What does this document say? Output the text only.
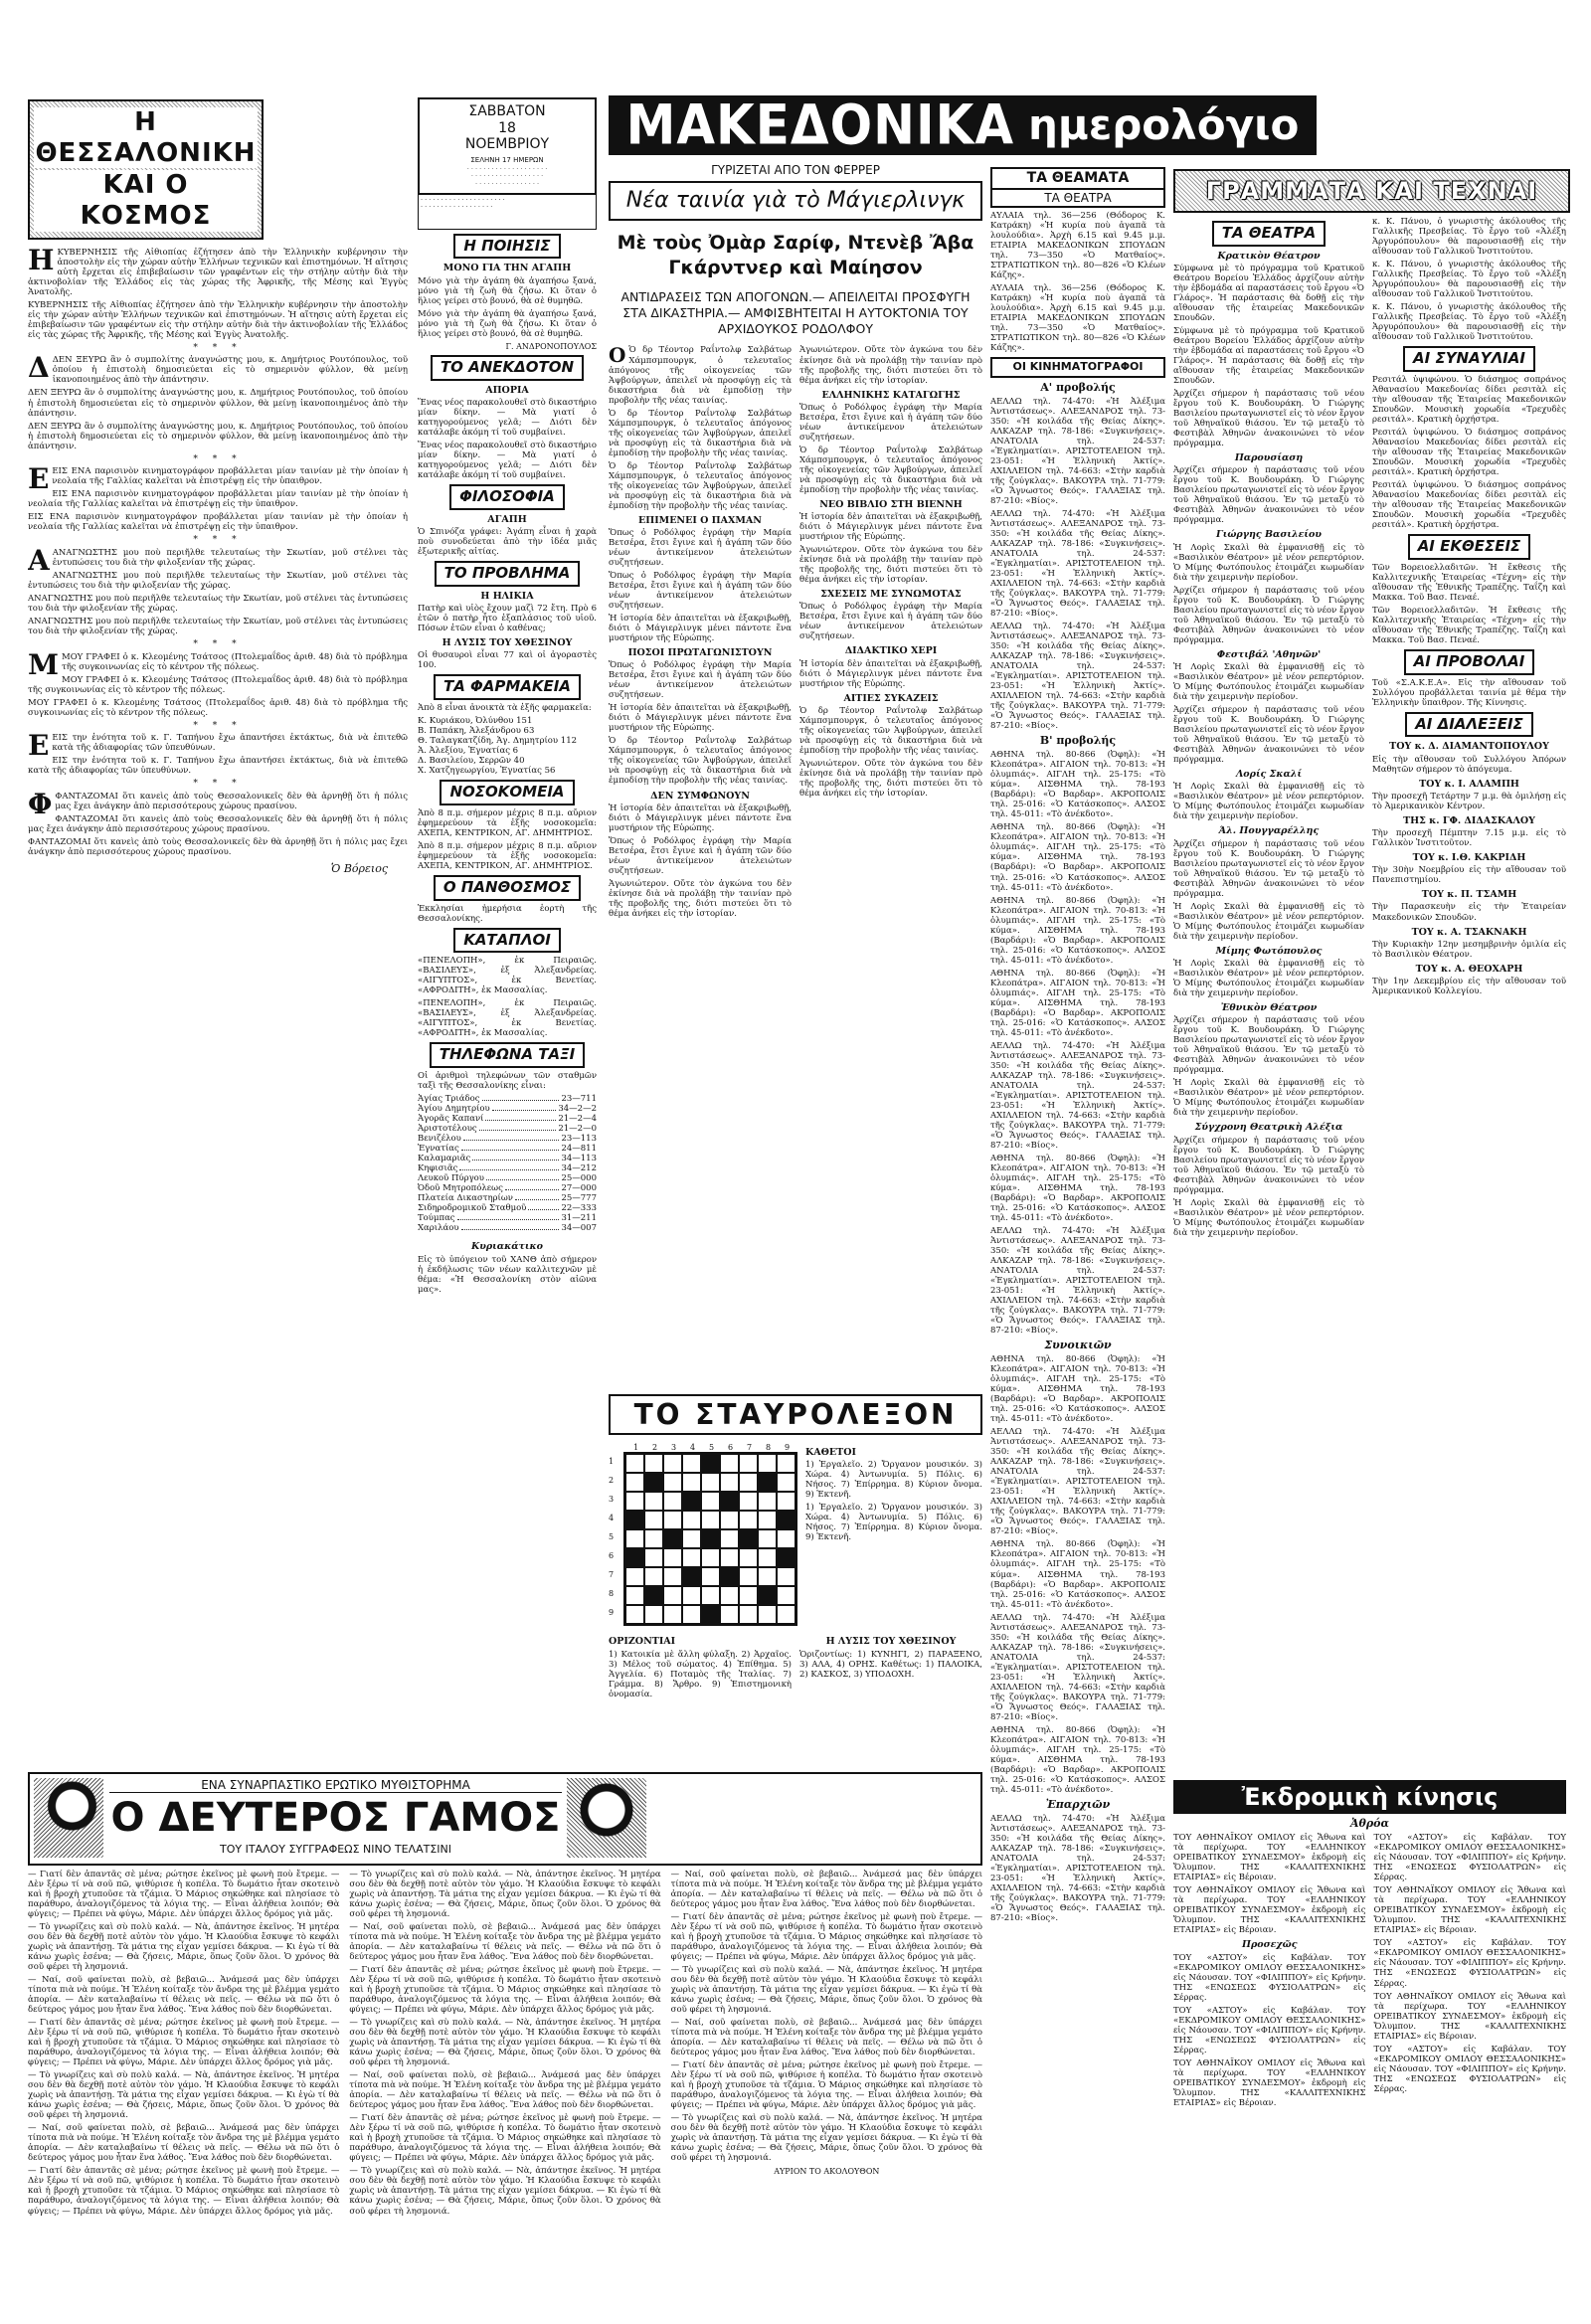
Η ΘΕΣΣΑΛΟΝΙΚΗ
ΚΑΙ Ο ΚΟΣΜΟΣ

ΗΚΥΒΕΡΝΗΣΙΣ τῆς Αἰθιοπίας ἐζήτησεν ἀπὸ τὴν Ἑλληνικὴν κυβέρνησιν τὴν ἀποστολὴν εἰς τὴν χώραν αὐτὴν Ἑλλήνων τεχνικῶν καὶ ἐπιστημόνων. Ἡ αἴτησις αὐτὴ ἔρχεται εἰς ἐπιβεβαίωσιν τῶν γραφέντων εἰς τὴν στήλην αὐτὴν διὰ τὴν ἀκτινοβολίαν τῆς Ἑλλάδος εἰς τὰς χώρας τῆς Ἀφρικῆς, τῆς Μέσης καὶ Ἐγγὺς Ἀνατολῆς.

ΚΥΒΕΡΝΗΣΙΣ τῆς Αἰθιοπίας ἐζήτησεν ἀπὸ τὴν Ἑλληνικὴν κυβέρνησιν τὴν ἀποστολὴν εἰς τὴν χώραν αὐτὴν Ἑλλήνων τεχνικῶν καὶ ἐπιστημόνων. Ἡ αἴτησις αὐτὴ ἔρχεται εἰς ἐπιβεβαίωσιν τῶν γραφέντων εἰς τὴν στήλην αὐτὴν διὰ τὴν ἀκτινοβολίαν τῆς Ἑλλάδος εἰς τὰς χώρας τῆς Ἀφρικῆς, τῆς Μέσης καὶ Ἐγγὺς Ἀνατολῆς.

* * *

ΔΔΕΝ ΞΕΥΡΩ ἂν ὁ συμπολίτης ἀναγνώστης μου, κ. Δημήτριος Ρουτόπουλος, τοῦ ὁποίου ἡ ἐπιστολὴ δημοσιεύεται εἰς τὸ σημερινὸν φύλλον, θὰ μείνῃ ἱκανοποιημένος ἀπὸ τὴν ἀπάντησιν.

ΔΕΝ ΞΕΥΡΩ ἂν ὁ συμπολίτης ἀναγνώστης μου, κ. Δημήτριος Ρουτόπουλος, τοῦ ὁποίου ἡ ἐπιστολὴ δημοσιεύεται εἰς τὸ σημερινὸν φύλλον, θὰ μείνῃ ἱκανοποιημένος ἀπὸ τὴν ἀπάντησιν.

ΔΕΝ ΞΕΥΡΩ ἂν ὁ συμπολίτης ἀναγνώστης μου, κ. Δημήτριος Ρουτόπουλος, τοῦ ὁποίου ἡ ἐπιστολὴ δημοσιεύεται εἰς τὸ σημερινὸν φύλλον, θὰ μείνῃ ἱκανοποιημένος ἀπὸ τὴν ἀπάντησιν.

* * *

ΕΕΙΣ ΕΝΑ παρισινὸν κινηματογράφον προβάλλεται μίαν ταινίαν μὲ τὴν ὁποίαν ἡ νεολαία τῆς Γαλλίας καλεῖται νὰ ἐπιστρέψῃ εἰς τὴν ὑπαιθρον.

ΕΙΣ ΕΝΑ παρισινὸν κινηματογράφον προβάλλεται μίαν ταινίαν μὲ τὴν ὁποίαν ἡ νεολαία τῆς Γαλλίας καλεῖται νὰ ἐπιστρέψῃ εἰς τὴν ὑπαιθρον.

ΕΙΣ ΕΝΑ παρισινὸν κινηματογράφον προβάλλεται μίαν ταινίαν μὲ τὴν ὁποίαν ἡ νεολαία τῆς Γαλλίας καλεῖται νὰ ἐπιστρέψῃ εἰς τὴν ὑπαιθρον.

* * *

ΑΑΝΑΓΝΩΣΤΗΣ μου ποὺ περιῆλθε τελευταίως τὴν Σκωτίαν, μοῦ στέλνει τὰς ἐντυπώσεις του διὰ τὴν φιλοξενίαν τῆς χώρας.

ΑΝΑΓΝΩΣΤΗΣ μου ποὺ περιῆλθε τελευταίως τὴν Σκωτίαν, μοῦ στέλνει τὰς ἐντυπώσεις του διὰ τὴν φιλοξενίαν τῆς χώρας.

ΑΝΑΓΝΩΣΤΗΣ μου ποὺ περιῆλθε τελευταίως τὴν Σκωτίαν, μοῦ στέλνει τὰς ἐντυπώσεις του διὰ τὴν φιλοξενίαν τῆς χώρας.

ΑΝΑΓΝΩΣΤΗΣ μου ποὺ περιῆλθε τελευταίως τὴν Σκωτίαν, μοῦ στέλνει τὰς ἐντυπώσεις του διὰ τὴν φιλοξενίαν τῆς χώρας.

* * *

ΜΜΟΥ ΓΡΑΦΕΙ ὁ κ. Κλεομένης Τσάτσος (Πτολεμαΐδος ἀριθ. 48) διὰ τὸ πρόβλημα τῆς συγκοινωνίας εἰς τὸ κέντρον τῆς πόλεως.

ΜΟΥ ΓΡΑΦΕΙ ὁ κ. Κλεομένης Τσάτσος (Πτολεμαΐδος ἀριθ. 48) διὰ τὸ πρόβλημα τῆς συγκοινωνίας εἰς τὸ κέντρον τῆς πόλεως.

ΜΟΥ ΓΡΑΦΕΙ ὁ κ. Κλεομένης Τσάτσος (Πτολεμαΐδος ἀριθ. 48) διὰ τὸ πρόβλημα τῆς συγκοινωνίας εἰς τὸ κέντρον τῆς πόλεως.

* * *

ΕΕΙΣ την ἐνότητα τοῦ κ. Γ. Ταπήνου ἔχω ἀπαντήσει ἐκτάκτως, διὰ νὰ ἐπιτεθῶ κατὰ τῆς ἀδιαφορίας τῶν ὑπευθύνων.

ΕΙΣ την ἐνότητα τοῦ κ. Γ. Ταπήνου ἔχω ἀπαντήσει ἐκτάκτως, διὰ νὰ ἐπιτεθῶ κατὰ τῆς ἀδιαφορίας τῶν ὑπευθύνων.

* * *

ΦΦΑΝΤΑΖΟΜΑΙ ὅτι κανεὶς ἀπὸ τοὺς Θεσσαλονικεῖς δὲν θὰ ἀρνηθῇ ὅτι ἡ πόλις μας ἔχει ἀνάγκην ἀπὸ περισσότερους χώρους πρασίνου.

ΦΑΝΤΑΖΟΜΑΙ ὅτι κανεὶς ἀπὸ τοὺς Θεσσαλονικεῖς δὲν θὰ ἀρνηθῇ ὅτι ἡ πόλις μας ἔχει ἀνάγκην ἀπὸ περισσότερους χώρους πρασίνου.

ΦΑΝΤΑΖΟΜΑΙ ὅτι κανεὶς ἀπὸ τοὺς Θεσσαλονικεῖς δὲν θὰ ἀρνηθῇ ὅτι ἡ πόλις μας ἔχει ἀνάγκην ἀπὸ περισσότερους χώρους πρασίνου.

Ὁ Βόρειος
ΣΑΒΒΑΤΟΝ
18
ΝΟΕΜΒΡΙΟΥ
ΣΕΛΗΝΗ 17 ΗΜΕΡΩΝ
· · · · · · · · · · · · · · · · · · · ·
· · · · · · · · · · · · · · · · · ·
· · · · · · · · · · · · · · · ·
· · · · · · · · · · · · · · · · · · · · ·
· · · · · · · · · · · · · · · · · ·
Η ΠΟΙΗΣΙΣ
ΜΟΝΟ ΓΙΑ ΤΗΝ ΑΓΑΠΗ

Μόνο γιὰ τὴν ἀγάπη θὰ ἀγαπήσω ξανά, μόνο γιὰ τὴ ζωὴ θὰ ζήσω. Κι ὅταν ὁ ἥλιος γείρει στὸ βουνό, θὰ σὲ θυμηθῶ.

Μόνο γιὰ τὴν ἀγάπη θὰ ἀγαπήσω ξανά, μόνο γιὰ τὴ ζωὴ θὰ ζήσω. Κι ὅταν ὁ ἥλιος γείρει στὸ βουνό, θὰ σὲ θυμηθῶ.

Γ. ΑΝΔΡΟΝΟΠΟΥΛΟΣ
ΤΟ ΑΝΕΚΔΟΤΟΝ
ΑΠΟΡΙΑ

Ἕνας νέος παρακολουθεῖ στὸ δικαστήριο μίαν δίκην. — Μὰ γιατί ὁ κατηγορούμενος γελᾶ; — Διότι δὲν κατάλαβε ἀκόμη τί τοῦ συμβαίνει.

Ἕνας νέος παρακολουθεῖ στὸ δικαστήριο μίαν δίκην. — Μὰ γιατί ὁ κατηγορούμενος γελᾶ; — Διότι δὲν κατάλαβε ἀκόμη τί τοῦ συμβαίνει.

ΦΙΛΟΣΟΦΙΑ
ΑΓΑΠΗ

Ὁ Σπινόζα γράφει: Ἀγάπη εἶναι ἡ χαρὰ ποὺ συνοδεύεται ἀπὸ τὴν ἰδέα μιᾶς ἐξωτερικῆς αἰτίας.

ΤΟ ΠΡΟΒΛΗΜΑ
Η ΗΛΙΚΙΑ

Πατὴρ καὶ υἱὸς ἔχουν μαζὶ 72 ἔτη. Πρὸ 6 ἐτῶν ὁ πατὴρ ἦτο ἑξαπλάσιος τοῦ υἱοῦ. Πόσων ἐτῶν εἶναι ὁ καθένας;

Η ΛΥΣΙΣ ΤΟΥ ΧΘΕΣΙΝΟΥ

Οἱ θυσαυροὶ εἶναι 77 καὶ οἱ ἀγοραστὲς 100.

ΤΑ ΦΑΡΜΑΚΕΙΑ

Ἀπὸ 8 εἶναι ἀνοικτὰ τὰ ἑξῆς φαρμακεῖα:

Κ. Κυριάκου, Ὀλύνθου 151
Β. Παπάκη, Ἀλεξάνδρου 63
Θ. Ταλαγκατζίδη, Ἀγ. Δημητρίου 112
Ἀ. Ἀλεξίου, Ἐγνατίας 6
Δ. Βασιλείου, Σερρῶν 40
Χ. Χατζηγεωργίου, Ἐγνατίας 56
ΝΟΣΟΚΟΜΕΙΑ

Ἀπὸ 8 π.μ. σήμερον μέχρις 8 π.μ. αὔριον ἐφημερεύουν τὰ ἑξῆς νοσοκομεῖα: ΑΧΕΠΑ, ΚΕΝΤΡΙΚΟΝ, ΑΓ. ΔΗΜΗΤΡΙΟΣ.

Ἀπὸ 8 π.μ. σήμερον μέχρις 8 π.μ. αὔριον ἐφημερεύουν τὰ ἑξῆς νοσοκομεῖα: ΑΧΕΠΑ, ΚΕΝΤΡΙΚΟΝ, ΑΓ. ΔΗΜΗΤΡΙΟΣ.

Ο ΠΑΝΘΟΣΜΟΣ

Ἐκκλησίαι ἡμερήσια ἑορτὴ τῆς Θεσσαλονίκης.

ΚΑΤΑΠΛΟΙ

«ΠΕΝΕΛΟΠΗ», ἐκ Πειραιῶς. «ΒΑΣΙΛΕΥΣ», ἐξ Ἀλεξανδρείας. «ΑΙΓΥΠΤΟΣ», ἐκ Βενετίας. «ΑΦΡΟΔΙΤΗ», ἐκ Μασσαλίας.

«ΠΕΝΕΛΟΠΗ», ἐκ Πειραιῶς. «ΒΑΣΙΛΕΥΣ», ἐξ Ἀλεξανδρείας. «ΑΙΓΥΠΤΟΣ», ἐκ Βενετίας. «ΑΦΡΟΔΙΤΗ», ἐκ Μασσαλίας.

ΤΗΛΕΦΩΝΑ ΤΑΞΙ

Οἱ ἀριθμοὶ τηλεφώνων τῶν σταθμῶν ταξὶ τῆς Θεσσαλονίκης εἶναι:

Ἁγίας Τριάδος	23—711
Ἁγίου Δημητρίου	34—2—2
Ἀγορᾶς Καπανί	21—2—4
Ἀριστοτέλους	21—2—0
Βενιζέλου	23—113
Ἐγνατίας	24—811
Καλαμαριᾶς	34—113
Κηφισιᾶς	34—212
Λευκοῦ Πύργου	25—000
Ὀδοῦ Μητροπόλεως	27—000
Πλατεία Δικαστηρίων	25—777
Σιδηροδρομικοῦ Σταθμοῦ	22—333
Τούμπας	31—211
Χαριλάου	34—007
Κυριακάτικο

Εἰς τὸ ὑπόγειον τοῦ ΧΑΝΘ ἀπὸ σήμερον ἡ ἐκδήλωσις τῶν νέων καλλιτεχνῶν μὲ θέμα: «Ἡ Θεσσαλονίκη στὸν αἰῶνα μας».

ΜΑΚΕΔΟΝΙΚΑ ημερολόγιο
ΓΥΡΙΖΕΤΑΙ ΑΠΟ ΤΟΝ ΦΕΡΡΕΡ
Νέα ταινία γιὰ τὸ Μάγιερλινγκ
Μὲ τοὺς Ὀμὰρ Σαρίφ, Ντενὲβ Ἄβα Γκάρντνερ καὶ Μαίησον
ΑΝΤΙΔΡΑΣΕΙΣ ΤΩΝ ΑΠΟΓΟΝΩΝ.— ΑΠΕΙΛΕΙΤΑΙ ΠΡΟΣΦΥΓΗ ΣΤΑ ΔΙΚΑΣΤΗΡΙΑ.— ΑΜΦΙΣΒΗΤΕΙΤΑΙ Η ΑΥΤΟΚΤΟΝΙΑ ΤΟΥ ΑΡΧΙΔΟΥΚΟΣ ΡΟΔΟΛΦΟΥ

Ο Ὁ δρ Τέοντορ Ραΐντολφ Σαλβάτωρ Χάμπσμπουργκ, ὁ τελευταῖος ἀπόγονος τῆς οἰκογενείας τῶν Ἀψβούργων, ἀπειλεῖ νὰ προσφύγῃ εἰς τὰ δικαστήρια διὰ νὰ ἐμποδίσῃ τὴν προβολὴν τῆς νέας ταινίας.

Ὁ δρ Τέοντορ Ραΐντολφ Σαλβάτωρ Χάμπσμπουργκ, ὁ τελευταῖος ἀπόγονος τῆς οἰκογενείας τῶν Ἀψβούργων, ἀπειλεῖ νὰ προσφύγῃ εἰς τὰ δικαστήρια διὰ νὰ ἐμποδίσῃ τὴν προβολὴν τῆς νέας ταινίας.

Ὁ δρ Τέοντορ Ραΐντολφ Σαλβάτωρ Χάμπσμπουργκ, ὁ τελευταῖος ἀπόγονος τῆς οἰκογενείας τῶν Ἀψβούργων, ἀπειλεῖ νὰ προσφύγῃ εἰς τὰ δικαστήρια διὰ νὰ ἐμποδίσῃ τὴν προβολὴν τῆς νέας ταινίας.

ΕΠΙΜΕΝΕΙ Ο ΠΑΧΜΑΝ

Ὅπως ὁ Ροδόλφος ἐγράφη τὴν Μαρία Βετσέρα, ἔτσι ἔγινε καὶ ἡ ἀγάπη τῶν δύο νέων ἀντικείμενον ἀτελειώτων συζητήσεων.

Ὅπως ὁ Ροδόλφος ἐγράφη τὴν Μαρία Βετσέρα, ἔτσι ἔγινε καὶ ἡ ἀγάπη τῶν δύο νέων ἀντικείμενον ἀτελειώτων συζητήσεων.

Ἡ ἱστορία δὲν ἀπαιτεῖται νὰ ἐξακριβωθῇ, διότι ὁ Μάγιερλινγκ μένει πάντοτε ἕνα μυστήριον τῆς Εὐρώπης.

ΠΟΣΟΙ ΠΡΩΤΑΓΩΝΙΣΤΟΥΝ

Ὅπως ὁ Ροδόλφος ἐγράφη τὴν Μαρία Βετσέρα, ἔτσι ἔγινε καὶ ἡ ἀγάπη τῶν δύο νέων ἀντικείμενον ἀτελειώτων συζητήσεων.

Ἡ ἱστορία δὲν ἀπαιτεῖται νὰ ἐξακριβωθῇ, διότι ὁ Μάγιερλινγκ μένει πάντοτε ἕνα μυστήριον τῆς Εὐρώπης.

Ὁ δρ Τέοντορ Ραΐντολφ Σαλβάτωρ Χάμπσμπουργκ, ὁ τελευταῖος ἀπόγονος τῆς οἰκογενείας τῶν Ἀψβούργων, ἀπειλεῖ νὰ προσφύγῃ εἰς τὰ δικαστήρια διὰ νὰ ἐμποδίσῃ τὴν προβολὴν τῆς νέας ταινίας.

ΔΕΝ ΣΥΜΦΩΝΟΥΝ

Ἡ ἱστορία δὲν ἀπαιτεῖται νὰ ἐξακριβωθῇ, διότι ὁ Μάγιερλινγκ μένει πάντοτε ἕνα μυστήριον τῆς Εὐρώπης.

Ὅπως ὁ Ροδόλφος ἐγράφη τὴν Μαρία Βετσέρα, ἔτσι ἔγινε καὶ ἡ ἀγάπη τῶν δύο νέων ἀντικείμενον ἀτελειώτων συζητήσεων.

Ἀγωνιώτερον. Οὔτε τὸν ἀγκώνα του δὲν ἐκίνησε διὰ νὰ προλάβῃ τὴν ταινίαν πρὸ τῆς προβολῆς της, διότι πιστεύει ὅτι τὸ θέμα ἀνήκει εἰς τὴν ἱστορίαν.

Ἀγωνιώτερον. Οὔτε τὸν ἀγκώνα του δὲν ἐκίνησε διὰ νὰ προλάβῃ τὴν ταινίαν πρὸ τῆς προβολῆς της, διότι πιστεύει ὅτι τὸ θέμα ἀνήκει εἰς τὴν ἱστορίαν.

ΕΛΛΗΝΙΚΗΣ ΚΑΤΑΓΩΓΗΣ

Ὅπως ὁ Ροδόλφος ἐγράφη τὴν Μαρία Βετσέρα, ἔτσι ἔγινε καὶ ἡ ἀγάπη τῶν δύο νέων ἀντικείμενον ἀτελειώτων συζητήσεων.

Ὁ δρ Τέοντορ Ραΐντολφ Σαλβάτωρ Χάμπσμπουργκ, ὁ τελευταῖος ἀπόγονος τῆς οἰκογενείας τῶν Ἀψβούργων, ἀπειλεῖ νὰ προσφύγῃ εἰς τὰ δικαστήρια διὰ νὰ ἐμποδίσῃ τὴν προβολὴν τῆς νέας ταινίας.

ΝΕΟ ΒΙΒΛΙΟ ΣΤΗ ΒΙΕΝΝΗ

Ἡ ἱστορία δὲν ἀπαιτεῖται νὰ ἐξακριβωθῇ, διότι ὁ Μάγιερλινγκ μένει πάντοτε ἕνα μυστήριον τῆς Εὐρώπης.

Ἀγωνιώτερον. Οὔτε τὸν ἀγκώνα του δὲν ἐκίνησε διὰ νὰ προλάβῃ τὴν ταινίαν πρὸ τῆς προβολῆς της, διότι πιστεύει ὅτι τὸ θέμα ἀνήκει εἰς τὴν ἱστορίαν.

ΣΧΕΣΕΙΣ ΜΕ ΣΥΝΩΜΟΤΑΣ

Ὅπως ὁ Ροδόλφος ἐγράφη τὴν Μαρία Βετσέρα, ἔτσι ἔγινε καὶ ἡ ἀγάπη τῶν δύο νέων ἀντικείμενον ἀτελειώτων συζητήσεων.

ΔΙΔΑΚΤΙΚΟ ΧΕΡΙ

Ἡ ἱστορία δὲν ἀπαιτεῖται νὰ ἐξακριβωθῇ, διότι ὁ Μάγιερλινγκ μένει πάντοτε ἕνα μυστήριον τῆς Εὐρώπης.

ΑΙΤΙΕΣ ΣΥΚΑΖΕΙΣ

Ὁ δρ Τέοντορ Ραΐντολφ Σαλβάτωρ Χάμπσμπουργκ, ὁ τελευταῖος ἀπόγονος τῆς οἰκογενείας τῶν Ἀψβούργων, ἀπειλεῖ νὰ προσφύγῃ εἰς τὰ δικαστήρια διὰ νὰ ἐμποδίσῃ τὴν προβολὴν τῆς νέας ταινίας.

Ἀγωνιώτερον. Οὔτε τὸν ἀγκώνα του δὲν ἐκίνησε διὰ νὰ προλάβῃ τὴν ταινίαν πρὸ τῆς προβολῆς της, διότι πιστεύει ὅτι τὸ θέμα ἀνήκει εἰς τὴν ἱστορίαν.

ΤΟ ΣΤΑΥΡΟΛΕΞΟΝ
1	2	3	4	5	6	7	8	9
1
2
3
4
5
6
7
8
9
ΚΑΘΕΤΟΙ

1) Ἐργαλεῖο. 2) Ὄργανον μουσικόν. 3) Χώρα. 4) Ἀντωνυμία. 5) Πόλις. 6) Νήσος. 7) Ἐπίρρημα. 8) Κύριον ὄνομα. 9) Ἐκτενῆ.

1) Ἐργαλεῖο. 2) Ὄργανον μουσικόν. 3) Χώρα. 4) Ἀντωνυμία. 5) Πόλις. 6) Νήσος. 7) Ἐπίρρημα. 8) Κύριον ὄνομα. 9) Ἐκτενῆ.

ΟΡΙΖΟΝΤΙΑΙ

1) Κατοικία μὲ ἄλλη φύλαξη. 2) Ἀρχαῖος. 3) Μέλος τοῦ σώματος. 4) Ἐπίθημα. 5) Ἀγγελία. 6) Ποταμὸς τῆς Ἰταλίας. 7) Γράμμα. 8) Ἄρθρο. 9) Ἐπιστημονικὴ ὀνομασία.

Η ΛΥΣΙΣ ΤΟΥ ΧΘΕΣΙΝΟΥ

Ὁριζοντίως: 1) ΚΥΝΗΓΙ, 2) ΠΑΡΑΞΕΝΟ, 3) ΑΛΑ, 4) ΟΡΗΣ. Καθέτως: 1) ΠΑΛΟΙΚΑ, 2) ΚΑΣΚΟΣ, 3) ΥΠΟΔΟΧΗ.

ΤΑ ΘΕΑΜΑΤΑ
ΤΑ ΘΕΑΤΡΑ

ΑΥΛΑΙΑ τηλ. 36—256 (Θόδορος Κ. Κατράκη) «Ἡ κυρία ποὺ ἀγαπᾶ τὰ λουλούδια». Ἀρχὴ 6.15 καὶ 9.45 μ.μ. ΕΤΑΙΡΙΑ ΜΑΚΕΔΟΝΙΚΩΝ ΣΠΟΥΔΩΝ τηλ. 73—350 «Ὁ Ματθαίος». ΣΤΡΑΤΙΩΤΙΚΟΝ τηλ. 80—826 «Ὁ Κλέων Κάζης».

ΑΥΛΑΙΑ τηλ. 36—256 (Θόδορος Κ. Κατράκη) «Ἡ κυρία ποὺ ἀγαπᾶ τὰ λουλούδια». Ἀρχὴ 6.15 καὶ 9.45 μ.μ. ΕΤΑΙΡΙΑ ΜΑΚΕΔΟΝΙΚΩΝ ΣΠΟΥΔΩΝ τηλ. 73—350 «Ὁ Ματθαίος». ΣΤΡΑΤΙΩΤΙΚΟΝ τηλ. 80—826 «Ὁ Κλέων Κάζης».

ΟΙ ΚΙΝΗΜΑΤΟΓΡΑΦΟΙ
Α' προβολής

ΑΕΛΛΩ τηλ. 74-470: «Ἡ Ἀλέξιμα Ἀντιστάσεως». ΑΛΕΞΑΝΔΡΟΣ τηλ. 73-350: «Ἡ κοιλάδα τῆς Θείας Δίκης». ΑΛΚΑΖΑΡ τηλ. 78-186: «Συγκινήσεις». ΑΝΑΤΟΛΙΑ τηλ. 24-537: «Ἐγκληματίαι». ΑΡΙΣΤΟΤΕΛΕΙΟΝ τηλ. 23-051: «Ἡ Ἑλληνικὴ Ἀκτίς». ΑΧΙΛΛΕΙΟΝ τηλ. 74-663: «Στὴν καρδιὰ τῆς ζούγκλας». ΒΑΚΟΥΡΑ τηλ. 71-779: «Ὁ Ἄγνωστος Θεός». ΓΑΛΑΞΙΑΣ τηλ. 87-210: «Βίος».

ΑΕΛΛΩ τηλ. 74-470: «Ἡ Ἀλέξιμα Ἀντιστάσεως». ΑΛΕΞΑΝΔΡΟΣ τηλ. 73-350: «Ἡ κοιλάδα τῆς Θείας Δίκης». ΑΛΚΑΖΑΡ τηλ. 78-186: «Συγκινήσεις». ΑΝΑΤΟΛΙΑ τηλ. 24-537: «Ἐγκληματίαι». ΑΡΙΣΤΟΤΕΛΕΙΟΝ τηλ. 23-051: «Ἡ Ἑλληνικὴ Ἀκτίς». ΑΧΙΛΛΕΙΟΝ τηλ. 74-663: «Στὴν καρδιὰ τῆς ζούγκλας». ΒΑΚΟΥΡΑ τηλ. 71-779: «Ὁ Ἄγνωστος Θεός». ΓΑΛΑΞΙΑΣ τηλ. 87-210: «Βίος».

ΑΕΛΛΩ τηλ. 74-470: «Ἡ Ἀλέξιμα Ἀντιστάσεως». ΑΛΕΞΑΝΔΡΟΣ τηλ. 73-350: «Ἡ κοιλάδα τῆς Θείας Δίκης». ΑΛΚΑΖΑΡ τηλ. 78-186: «Συγκινήσεις». ΑΝΑΤΟΛΙΑ τηλ. 24-537: «Ἐγκληματίαι». ΑΡΙΣΤΟΤΕΛΕΙΟΝ τηλ. 23-051: «Ἡ Ἑλληνικὴ Ἀκτίς». ΑΧΙΛΛΕΙΟΝ τηλ. 74-663: «Στὴν καρδιὰ τῆς ζούγκλας». ΒΑΚΟΥΡΑ τηλ. 71-779: «Ὁ Ἄγνωστος Θεός». ΓΑΛΑΞΙΑΣ τηλ. 87-210: «Βίος».

Β' προβολής

ΑΘΗΝΑ τηλ. 80-866 (Ὀφηλ): «Ἡ Κλεοπάτρα». ΑΙΓΑΙΟΝ τηλ. 70-813: «Ἡ ὀλυμπιάς». ΑΙΓΛΗ τηλ. 25-175: «Τὸ κύμα». ΑΙΣΘΗΜΑ τηλ. 78-193 (Βαρδάρι): «Ὁ Βαρδαρ». ΑΚΡΟΠΟΛΙΣ τηλ. 25-016: «Ὁ Κατάσκοπος». ΑΛΣΟΣ τηλ. 45-011: «Τὸ ἀνέκδοτο».

ΑΘΗΝΑ τηλ. 80-866 (Ὀφηλ): «Ἡ Κλεοπάτρα». ΑΙΓΑΙΟΝ τηλ. 70-813: «Ἡ ὀλυμπιάς». ΑΙΓΛΗ τηλ. 25-175: «Τὸ κύμα». ΑΙΣΘΗΜΑ τηλ. 78-193 (Βαρδάρι): «Ὁ Βαρδαρ». ΑΚΡΟΠΟΛΙΣ τηλ. 25-016: «Ὁ Κατάσκοπος». ΑΛΣΟΣ τηλ. 45-011: «Τὸ ἀνέκδοτο».

ΑΘΗΝΑ τηλ. 80-866 (Ὀφηλ): «Ἡ Κλεοπάτρα». ΑΙΓΑΙΟΝ τηλ. 70-813: «Ἡ ὀλυμπιάς». ΑΙΓΛΗ τηλ. 25-175: «Τὸ κύμα». ΑΙΣΘΗΜΑ τηλ. 78-193 (Βαρδάρι): «Ὁ Βαρδαρ». ΑΚΡΟΠΟΛΙΣ τηλ. 25-016: «Ὁ Κατάσκοπος». ΑΛΣΟΣ τηλ. 45-011: «Τὸ ἀνέκδοτο».

ΑΘΗΝΑ τηλ. 80-866 (Ὀφηλ): «Ἡ Κλεοπάτρα». ΑΙΓΑΙΟΝ τηλ. 70-813: «Ἡ ὀλυμπιάς». ΑΙΓΛΗ τηλ. 25-175: «Τὸ κύμα». ΑΙΣΘΗΜΑ τηλ. 78-193 (Βαρδάρι): «Ὁ Βαρδαρ». ΑΚΡΟΠΟΛΙΣ τηλ. 25-016: «Ὁ Κατάσκοπος». ΑΛΣΟΣ τηλ. 45-011: «Τὸ ἀνέκδοτο».

ΑΕΛΛΩ τηλ. 74-470: «Ἡ Ἀλέξιμα Ἀντιστάσεως». ΑΛΕΞΑΝΔΡΟΣ τηλ. 73-350: «Ἡ κοιλάδα τῆς Θείας Δίκης». ΑΛΚΑΖΑΡ τηλ. 78-186: «Συγκινήσεις». ΑΝΑΤΟΛΙΑ τηλ. 24-537: «Ἐγκληματίαι». ΑΡΙΣΤΟΤΕΛΕΙΟΝ τηλ. 23-051: «Ἡ Ἑλληνικὴ Ἀκτίς». ΑΧΙΛΛΕΙΟΝ τηλ. 74-663: «Στὴν καρδιὰ τῆς ζούγκλας». ΒΑΚΟΥΡΑ τηλ. 71-779: «Ὁ Ἄγνωστος Θεός». ΓΑΛΑΞΙΑΣ τηλ. 87-210: «Βίος».

ΑΘΗΝΑ τηλ. 80-866 (Ὀφηλ): «Ἡ Κλεοπάτρα». ΑΙΓΑΙΟΝ τηλ. 70-813: «Ἡ ὀλυμπιάς». ΑΙΓΛΗ τηλ. 25-175: «Τὸ κύμα». ΑΙΣΘΗΜΑ τηλ. 78-193 (Βαρδάρι): «Ὁ Βαρδαρ». ΑΚΡΟΠΟΛΙΣ τηλ. 25-016: «Ὁ Κατάσκοπος». ΑΛΣΟΣ τηλ. 45-011: «Τὸ ἀνέκδοτο».

ΑΕΛΛΩ τηλ. 74-470: «Ἡ Ἀλέξιμα Ἀντιστάσεως». ΑΛΕΞΑΝΔΡΟΣ τηλ. 73-350: «Ἡ κοιλάδα τῆς Θείας Δίκης». ΑΛΚΑΖΑΡ τηλ. 78-186: «Συγκινήσεις». ΑΝΑΤΟΛΙΑ τηλ. 24-537: «Ἐγκληματίαι». ΑΡΙΣΤΟΤΕΛΕΙΟΝ τηλ. 23-051: «Ἡ Ἑλληνικὴ Ἀκτίς». ΑΧΙΛΛΕΙΟΝ τηλ. 74-663: «Στὴν καρδιὰ τῆς ζούγκλας». ΒΑΚΟΥΡΑ τηλ. 71-779: «Ὁ Ἄγνωστος Θεός». ΓΑΛΑΞΙΑΣ τηλ. 87-210: «Βίος».

Συνοικιῶν

ΑΘΗΝΑ τηλ. 80-866 (Ὀφηλ): «Ἡ Κλεοπάτρα». ΑΙΓΑΙΟΝ τηλ. 70-813: «Ἡ ὀλυμπιάς». ΑΙΓΛΗ τηλ. 25-175: «Τὸ κύμα». ΑΙΣΘΗΜΑ τηλ. 78-193 (Βαρδάρι): «Ὁ Βαρδαρ». ΑΚΡΟΠΟΛΙΣ τηλ. 25-016: «Ὁ Κατάσκοπος». ΑΛΣΟΣ τηλ. 45-011: «Τὸ ἀνέκδοτο».

ΑΕΛΛΩ τηλ. 74-470: «Ἡ Ἀλέξιμα Ἀντιστάσεως». ΑΛΕΞΑΝΔΡΟΣ τηλ. 73-350: «Ἡ κοιλάδα τῆς Θείας Δίκης». ΑΛΚΑΖΑΡ τηλ. 78-186: «Συγκινήσεις». ΑΝΑΤΟΛΙΑ τηλ. 24-537: «Ἐγκληματίαι». ΑΡΙΣΤΟΤΕΛΕΙΟΝ τηλ. 23-051: «Ἡ Ἑλληνικὴ Ἀκτίς». ΑΧΙΛΛΕΙΟΝ τηλ. 74-663: «Στὴν καρδιὰ τῆς ζούγκλας». ΒΑΚΟΥΡΑ τηλ. 71-779: «Ὁ Ἄγνωστος Θεός». ΓΑΛΑΞΙΑΣ τηλ. 87-210: «Βίος».

ΑΘΗΝΑ τηλ. 80-866 (Ὀφηλ): «Ἡ Κλεοπάτρα». ΑΙΓΑΙΟΝ τηλ. 70-813: «Ἡ ὀλυμπιάς». ΑΙΓΛΗ τηλ. 25-175: «Τὸ κύμα». ΑΙΣΘΗΜΑ τηλ. 78-193 (Βαρδάρι): «Ὁ Βαρδαρ». ΑΚΡΟΠΟΛΙΣ τηλ. 25-016: «Ὁ Κατάσκοπος». ΑΛΣΟΣ τηλ. 45-011: «Τὸ ἀνέκδοτο».

ΑΕΛΛΩ τηλ. 74-470: «Ἡ Ἀλέξιμα Ἀντιστάσεως». ΑΛΕΞΑΝΔΡΟΣ τηλ. 73-350: «Ἡ κοιλάδα τῆς Θείας Δίκης». ΑΛΚΑΖΑΡ τηλ. 78-186: «Συγκινήσεις». ΑΝΑΤΟΛΙΑ τηλ. 24-537: «Ἐγκληματίαι». ΑΡΙΣΤΟΤΕΛΕΙΟΝ τηλ. 23-051: «Ἡ Ἑλληνικὴ Ἀκτίς». ΑΧΙΛΛΕΙΟΝ τηλ. 74-663: «Στὴν καρδιὰ τῆς ζούγκλας». ΒΑΚΟΥΡΑ τηλ. 71-779: «Ὁ Ἄγνωστος Θεός». ΓΑΛΑΞΙΑΣ τηλ. 87-210: «Βίος».

ΑΘΗΝΑ τηλ. 80-866 (Ὀφηλ): «Ἡ Κλεοπάτρα». ΑΙΓΑΙΟΝ τηλ. 70-813: «Ἡ ὀλυμπιάς». ΑΙΓΛΗ τηλ. 25-175: «Τὸ κύμα». ΑΙΣΘΗΜΑ τηλ. 78-193 (Βαρδάρι): «Ὁ Βαρδαρ». ΑΚΡΟΠΟΛΙΣ τηλ. 25-016: «Ὁ Κατάσκοπος». ΑΛΣΟΣ τηλ. 45-011: «Τὸ ἀνέκδοτο».

Ἐπαρχιῶν

ΑΕΛΛΩ τηλ. 74-470: «Ἡ Ἀλέξιμα Ἀντιστάσεως». ΑΛΕΞΑΝΔΡΟΣ τηλ. 73-350: «Ἡ κοιλάδα τῆς Θείας Δίκης». ΑΛΚΑΖΑΡ τηλ. 78-186: «Συγκινήσεις». ΑΝΑΤΟΛΙΑ τηλ. 24-537: «Ἐγκληματίαι». ΑΡΙΣΤΟΤΕΛΕΙΟΝ τηλ. 23-051: «Ἡ Ἑλληνικὴ Ἀκτίς». ΑΧΙΛΛΕΙΟΝ τηλ. 74-663: «Στὴν καρδιὰ τῆς ζούγκλας». ΒΑΚΟΥΡΑ τηλ. 71-779: «Ὁ Ἄγνωστος Θεός». ΓΑΛΑΞΙΑΣ τηλ. 87-210: «Βίος».

ΓΡΑΜΜΑΤΑ ΚΑΙ ΤΕΧΝΑΙ
ΤΑ ΘΕΑΤΡΑ
Κρατικὸν Θέατρον

Σύμφωνα μὲ τὸ πρόγραμμα τοῦ Κρατικοῦ Θεάτρου Βορείου Ἑλλάδος ἀρχίζουν αὐτὴν τὴν ἑβδομάδα αἱ παραστάσεις τοῦ ἔργου «Ὁ Γλάρος». Ἡ παράστασις θὰ δοθῇ εἰς τὴν αἴθουσαν τῆς ἑταιρείας Μακεδονικῶν Σπουδῶν.

Σύμφωνα μὲ τὸ πρόγραμμα τοῦ Κρατικοῦ Θεάτρου Βορείου Ἑλλάδος ἀρχίζουν αὐτὴν τὴν ἑβδομάδα αἱ παραστάσεις τοῦ ἔργου «Ὁ Γλάρος». Ἡ παράστασις θὰ δοθῇ εἰς τὴν αἴθουσαν τῆς ἑταιρείας Μακεδονικῶν Σπουδῶν.

Ἀρχίζει σήμερον ἡ παράστασις τοῦ νέου ἔργου τοῦ Κ. Βουδουράκη. Ὁ Γιώργης Βασιλείου πρωταγωνιστεῖ εἰς τὸ νέον ἔργον τοῦ Ἀθηναϊκοῦ θιάσου. Ἐν τῷ μεταξὺ τὸ Φεστιβὰλ Ἀθηνῶν ἀνακοινώνει τὸ νέον πρόγραμμα.

Παρουσίαση

Ἀρχίζει σήμερον ἡ παράστασις τοῦ νέου ἔργου τοῦ Κ. Βουδουράκη. Ὁ Γιώργης Βασιλείου πρωταγωνιστεῖ εἰς τὸ νέον ἔργον τοῦ Ἀθηναϊκοῦ θιάσου. Ἐν τῷ μεταξὺ τὸ Φεστιβὰλ Ἀθηνῶν ἀνακοινώνει τὸ νέον πρόγραμμα.

Γιώργης Βασιλείου

Ἡ Λορὶς Σκαλὶ θὰ ἐμφανισθῇ εἰς τὸ «Βασιλικὸν Θέατρον» μὲ νέον ρεπερτόριον. Ὁ Μίμης Φωτόπουλος ἑτοιμάζει κωμωδίαν διὰ τὴν χειμερινὴν περίοδον.

Ἀρχίζει σήμερον ἡ παράστασις τοῦ νέου ἔργου τοῦ Κ. Βουδουράκη. Ὁ Γιώργης Βασιλείου πρωταγωνιστεῖ εἰς τὸ νέον ἔργον τοῦ Ἀθηναϊκοῦ θιάσου. Ἐν τῷ μεταξὺ τὸ Φεστιβὰλ Ἀθηνῶν ἀνακοινώνει τὸ νέον πρόγραμμα.

Φεστιβάλ 'Αθηνῶν'

Ἡ Λορὶς Σκαλὶ θὰ ἐμφανισθῇ εἰς τὸ «Βασιλικὸν Θέατρον» μὲ νέον ρεπερτόριον. Ὁ Μίμης Φωτόπουλος ἑτοιμάζει κωμωδίαν διὰ τὴν χειμερινὴν περίοδον.

Ἀρχίζει σήμερον ἡ παράστασις τοῦ νέου ἔργου τοῦ Κ. Βουδουράκη. Ὁ Γιώργης Βασιλείου πρωταγωνιστεῖ εἰς τὸ νέον ἔργον τοῦ Ἀθηναϊκοῦ θιάσου. Ἐν τῷ μεταξὺ τὸ Φεστιβὰλ Ἀθηνῶν ἀνακοινώνει τὸ νέον πρόγραμμα.

Λορίς Σκαλί

Ἡ Λορὶς Σκαλὶ θὰ ἐμφανισθῇ εἰς τὸ «Βασιλικὸν Θέατρον» μὲ νέον ρεπερτόριον. Ὁ Μίμης Φωτόπουλος ἑτοιμάζει κωμωδίαν διὰ τὴν χειμερινὴν περίοδον.

Άλ. Πουγγαρέλλης

Ἀρχίζει σήμερον ἡ παράστασις τοῦ νέου ἔργου τοῦ Κ. Βουδουράκη. Ὁ Γιώργης Βασιλείου πρωταγωνιστεῖ εἰς τὸ νέον ἔργον τοῦ Ἀθηναϊκοῦ θιάσου. Ἐν τῷ μεταξὺ τὸ Φεστιβὰλ Ἀθηνῶν ἀνακοινώνει τὸ νέον πρόγραμμα.

Ἡ Λορὶς Σκαλὶ θὰ ἐμφανισθῇ εἰς τὸ «Βασιλικὸν Θέατρον» μὲ νέον ρεπερτόριον. Ὁ Μίμης Φωτόπουλος ἑτοιμάζει κωμωδίαν διὰ τὴν χειμερινὴν περίοδον.

Μίμης Φωτόπουλος

Ἡ Λορὶς Σκαλὶ θὰ ἐμφανισθῇ εἰς τὸ «Βασιλικὸν Θέατρον» μὲ νέον ρεπερτόριον. Ὁ Μίμης Φωτόπουλος ἑτοιμάζει κωμωδίαν διὰ τὴν χειμερινὴν περίοδον.

Ἐθνικὸν Θέατρον

Ἀρχίζει σήμερον ἡ παράστασις τοῦ νέου ἔργου τοῦ Κ. Βουδουράκη. Ὁ Γιώργης Βασιλείου πρωταγωνιστεῖ εἰς τὸ νέον ἔργον τοῦ Ἀθηναϊκοῦ θιάσου. Ἐν τῷ μεταξὺ τὸ Φεστιβὰλ Ἀθηνῶν ἀνακοινώνει τὸ νέον πρόγραμμα.

Ἡ Λορὶς Σκαλὶ θὰ ἐμφανισθῇ εἰς τὸ «Βασιλικὸν Θέατρον» μὲ νέον ρεπερτόριον. Ὁ Μίμης Φωτόπουλος ἑτοιμάζει κωμωδίαν διὰ τὴν χειμερινὴν περίοδον.

Σύγχρονη Θεατρικὴ Αλέξια

Ἀρχίζει σήμερον ἡ παράστασις τοῦ νέου ἔργου τοῦ Κ. Βουδουράκη. Ὁ Γιώργης Βασιλείου πρωταγωνιστεῖ εἰς τὸ νέον ἔργον τοῦ Ἀθηναϊκοῦ θιάσου. Ἐν τῷ μεταξὺ τὸ Φεστιβὰλ Ἀθηνῶν ἀνακοινώνει τὸ νέον πρόγραμμα.

Ἡ Λορὶς Σκαλὶ θὰ ἐμφανισθῇ εἰς τὸ «Βασιλικὸν Θέατρον» μὲ νέον ρεπερτόριον. Ὁ Μίμης Φωτόπουλος ἑτοιμάζει κωμωδίαν διὰ τὴν χειμερινὴν περίοδον.

κ. Κ. Πάνου, ὁ γνωριστὴς ἀκόλουθος τῆς Γαλλικῆς Πρεσβείας. Τὸ ἔργο τοῦ «Ἀλέξη Ἀργυρόπουλου» θὰ παρουσιασθῇ εἰς τὴν αἴθουσαν τοῦ Γαλλικοῦ Ἰνστιτούτου.

κ. Κ. Πάνου, ὁ γνωριστὴς ἀκόλουθος τῆς Γαλλικῆς Πρεσβείας. Τὸ ἔργο τοῦ «Ἀλέξη Ἀργυρόπουλου» θὰ παρουσιασθῇ εἰς τὴν αἴθουσαν τοῦ Γαλλικοῦ Ἰνστιτούτου.

κ. Κ. Πάνου, ὁ γνωριστὴς ἀκόλουθος τῆς Γαλλικῆς Πρεσβείας. Τὸ ἔργο τοῦ «Ἀλέξη Ἀργυρόπουλου» θὰ παρουσιασθῇ εἰς τὴν αἴθουσαν τοῦ Γαλλικοῦ Ἰνστιτούτου.

ΑΙ ΣΥΝΑΥΛΙΑΙ

Ρεσιτάλ ὑψιφώνου. Ὁ διάσημος σοπράνος Ἀθανασίου Μακεδονίας δίδει ρεσιτὰλ εἰς τὴν αἴθουσαν τῆς Ἑταιρείας Μακεδονικῶν Σπουδῶν. Μουσικὴ χορωδία «Τρεχυδὲς ρεσιτάλ». Κρατικὴ ὀρχήστρα.

Ρεσιτάλ ὑψιφώνου. Ὁ διάσημος σοπράνος Ἀθανασίου Μακεδονίας δίδει ρεσιτὰλ εἰς τὴν αἴθουσαν τῆς Ἑταιρείας Μακεδονικῶν Σπουδῶν. Μουσικὴ χορωδία «Τρεχυδὲς ρεσιτάλ». Κρατικὴ ὀρχήστρα.

Ρεσιτάλ ὑψιφώνου. Ὁ διάσημος σοπράνος Ἀθανασίου Μακεδονίας δίδει ρεσιτὰλ εἰς τὴν αἴθουσαν τῆς Ἑταιρείας Μακεδονικῶν Σπουδῶν. Μουσικὴ χορωδία «Τρεχυδὲς ρεσιτάλ». Κρατικὴ ὀρχήστρα.

ΑΙ ΕΚΘΕΣΕΙΣ

Τῶν Βορειοελλαδιτῶν. Ἡ ἔκθεσις τῆς Καλλιτεχνικῆς Ἑταιρείας «Τέχνη» εἰς τὴν αἴθουσαν τῆς Ἐθνικῆς Τραπέζης. Ταΐζη καὶ Μακκα. Τοῦ Βασ. Πεναέ.

Τῶν Βορειοελλαδιτῶν. Ἡ ἔκθεσις τῆς Καλλιτεχνικῆς Ἑταιρείας «Τέχνη» εἰς τὴν αἴθουσαν τῆς Ἐθνικῆς Τραπέζης. Ταΐζη καὶ Μακκα. Τοῦ Βασ. Πεναέ.

ΑΙ ΠΡΟΒΟΛΑΙ

Τοῦ «Σ.Α.Κ.Ε.Α». Εἰς τὴν αἴθουσαν τοῦ Συλλόγου προβάλλεται ταινία μὲ θέμα τὴν Ἑλληνικὴν ὕπαιθρον. Τῆς Κίννησις.

ΑΙ ΔΙΑΛΕΞΕΙΣ
ΤΟΥ κ. Δ. ΔΙΑΜΑΝΤΟΠΟΥΛΟΥ

Εἰς τὴν αἴθουσαν τοῦ Συλλόγου Ἀπόρων Μαθητῶν σήμερον τὸ ἀπόγευμα.

ΤΟΥ κ. Ι. ΑΛΑΜΠΗ

Τὴν προσεχῆ Τετάρτην 7 μ.μ. θὰ ὁμιλήσῃ εἰς τὸ Ἀμερικανικὸν Κέντρον.

ΤΗΣ κ. ΓΦ. ΔΙΔΑΣΚΑΛΟΥ

Τὴν προσεχῆ Πέμπτην 7.15 μ.μ. εἰς τὸ Γαλλικὸν Ἰνστιτοῦτον.

ΤΟΥ κ. Ι.Θ. ΚΑΚΡΙΔΗ

Τὴν 30ὴν Νοεμβρίου εἰς τὴν αἴθουσαν τοῦ Πανεπιστημίου.

ΤΟΥ κ. Π. ΤΣΑΜΗ

Τὴν Παρασκευὴν εἰς τὴν Ἑταιρείαν Μακεδονικῶν Σπουδῶν.

ΤΟΥ κ. Α. ΤΣΑΚΝΑΚΗ

Τὴν Κυριακὴν 12ην μεσημβρινὴν ὁμιλία εἰς τὸ Βασιλικὸν Θέατρον.

ΤΟΥ κ. Α. ΘΕΟΧΑΡΗ

Τὴν 1ην Δεκεμβρίου εἰς τὴν αἴθουσαν τοῦ Ἀμερικανικοῦ Κολλεγίου.

Ἐκδρομικὴ κίνησις
Ἀθρόα

ΤΟΥ ΑΘΗΝΑΪΚΟΥ ΟΜΙΛΟΥ εἰς Ἄθωνα καὶ τὰ περίχωρα. ΤΟΥ «ΕΛΛΗΝΙΚΟΥ ΟΡΕΙΒΑΤΙΚΟΥ ΣΥΝΔΕΣΜΟΥ» ἐκδρομὴ εἰς Ὄλυμπον. ΤΗΣ «ΚΑΛΛΙΤΕΧΝΙΚΗΣ ΕΤΑΙΡΙΑΣ» εἰς Βέροιαν.

ΤΟΥ ΑΘΗΝΑΪΚΟΥ ΟΜΙΛΟΥ εἰς Ἄθωνα καὶ τὰ περίχωρα. ΤΟΥ «ΕΛΛΗΝΙΚΟΥ ΟΡΕΙΒΑΤΙΚΟΥ ΣΥΝΔΕΣΜΟΥ» ἐκδρομὴ εἰς Ὄλυμπον. ΤΗΣ «ΚΑΛΛΙΤΕΧΝΙΚΗΣ ΕΤΑΙΡΙΑΣ» εἰς Βέροιαν.

Προσεχῶς

ΤΟΥ «ΑΣΤΟΥ» εἰς Καβάλαν. ΤΟΥ «ΕΚΔΡΟΜΙΚΟΥ ΟΜΙΛΟΥ ΘΕΣΣΑΛΟΝΙΚΗΣ» εἰς Νάουσαν. ΤΟΥ «ΦΙΛΙΠΠΟΥ» εἰς Κρήνην. ΤΗΣ «ΕΝΩΣΕΩΣ ΦΥΣΙΟΛΑΤΡΩΝ» εἰς Σέρρας.

ΤΟΥ «ΑΣΤΟΥ» εἰς Καβάλαν. ΤΟΥ «ΕΚΔΡΟΜΙΚΟΥ ΟΜΙΛΟΥ ΘΕΣΣΑΛΟΝΙΚΗΣ» εἰς Νάουσαν. ΤΟΥ «ΦΙΛΙΠΠΟΥ» εἰς Κρήνην. ΤΗΣ «ΕΝΩΣΕΩΣ ΦΥΣΙΟΛΑΤΡΩΝ» εἰς Σέρρας.

ΤΟΥ ΑΘΗΝΑΪΚΟΥ ΟΜΙΛΟΥ εἰς Ἄθωνα καὶ τὰ περίχωρα. ΤΟΥ «ΕΛΛΗΝΙΚΟΥ ΟΡΕΙΒΑΤΙΚΟΥ ΣΥΝΔΕΣΜΟΥ» ἐκδρομὴ εἰς Ὄλυμπον. ΤΗΣ «ΚΑΛΛΙΤΕΧΝΙΚΗΣ ΕΤΑΙΡΙΑΣ» εἰς Βέροιαν.

ΤΟΥ «ΑΣΤΟΥ» εἰς Καβάλαν. ΤΟΥ «ΕΚΔΡΟΜΙΚΟΥ ΟΜΙΛΟΥ ΘΕΣΣΑΛΟΝΙΚΗΣ» εἰς Νάουσαν. ΤΟΥ «ΦΙΛΙΠΠΟΥ» εἰς Κρήνην. ΤΗΣ «ΕΝΩΣΕΩΣ ΦΥΣΙΟΛΑΤΡΩΝ» εἰς Σέρρας.

ΤΟΥ ΑΘΗΝΑΪΚΟΥ ΟΜΙΛΟΥ εἰς Ἄθωνα καὶ τὰ περίχωρα. ΤΟΥ «ΕΛΛΗΝΙΚΟΥ ΟΡΕΙΒΑΤΙΚΟΥ ΣΥΝΔΕΣΜΟΥ» ἐκδρομὴ εἰς Ὄλυμπον. ΤΗΣ «ΚΑΛΛΙΤΕΧΝΙΚΗΣ ΕΤΑΙΡΙΑΣ» εἰς Βέροιαν.

ΤΟΥ «ΑΣΤΟΥ» εἰς Καβάλαν. ΤΟΥ «ΕΚΔΡΟΜΙΚΟΥ ΟΜΙΛΟΥ ΘΕΣΣΑΛΟΝΙΚΗΣ» εἰς Νάουσαν. ΤΟΥ «ΦΙΛΙΠΠΟΥ» εἰς Κρήνην. ΤΗΣ «ΕΝΩΣΕΩΣ ΦΥΣΙΟΛΑΤΡΩΝ» εἰς Σέρρας.

ΤΟΥ ΑΘΗΝΑΪΚΟΥ ΟΜΙΛΟΥ εἰς Ἄθωνα καὶ τὰ περίχωρα. ΤΟΥ «ΕΛΛΗΝΙΚΟΥ ΟΡΕΙΒΑΤΙΚΟΥ ΣΥΝΔΕΣΜΟΥ» ἐκδρομὴ εἰς Ὄλυμπον. ΤΗΣ «ΚΑΛΛΙΤΕΧΝΙΚΗΣ ΕΤΑΙΡΙΑΣ» εἰς Βέροιαν.

ΤΟΥ «ΑΣΤΟΥ» εἰς Καβάλαν. ΤΟΥ «ΕΚΔΡΟΜΙΚΟΥ ΟΜΙΛΟΥ ΘΕΣΣΑΛΟΝΙΚΗΣ» εἰς Νάουσαν. ΤΟΥ «ΦΙΛΙΠΠΟΥ» εἰς Κρήνην. ΤΗΣ «ΕΝΩΣΕΩΣ ΦΥΣΙΟΛΑΤΡΩΝ» εἰς Σέρρας.

ΕΝΑ ΣΥΝΑΡΠΑΣΤΙΚΟ ΕΡΩΤΙΚΟ ΜΥΘΙΣΤΟΡΗΜΑ
Ο ΔΕΥΤΕΡΟΣ ΓΑΜΟΣ
ΤΟΥ ΙΤΑΛΟΥ ΣΥΓΓΡΑΦΕΩΣ ΝΙΝΟ ΤΕΛΑΤΣΙΝΙ

— Γιατί δὲν ἀπαντᾶς σὲ μένα; ρώτησε ἐκεῖνος μὲ φωνὴ ποὺ ἔτρεμε. — Δὲν ξέρω τί νὰ σοῦ πῶ, ψιθύρισε ἡ κοπέλα. Τὸ δωμάτιο ἦταν σκοτεινὸ καὶ ἡ βροχὴ χτυποῦσε τὰ τζάμια. Ὁ Μάριος σηκώθηκε καὶ πλησίασε τὸ παράθυρο, ἀναλογιζόμενος τὰ λόγια της. — Εἶναι ἀλήθεια λοιπόν; Θὰ φύγεις; — Πρέπει νὰ φύγω, Μάριε. Δὲν ὑπάρχει ἄλλος δρόμος γιὰ μᾶς.

— Τὸ γνωρίζεις καὶ σὺ πολὺ καλά. — Νὰ, ἀπάντησε ἐκεῖνος. Ἡ μητέρα σου δὲν θὰ δεχθῇ ποτὲ αὐτὸν τὸν γάμο. Ἡ Κλαούδια ἔσκυψε τὸ κεφάλι χωρὶς νὰ ἀπαντήσῃ. Τὰ μάτια της εἶχαν γεμίσει δάκρυα. — Κι ἐγὼ τί θὰ κάνω χωρὶς ἐσένα; — Θὰ ζήσεις, Μάριε, ὅπως ζοῦν ὅλοι. Ὁ χρόνος θὰ σοῦ φέρει τὴ λησμονιά.

— Ναί, σοῦ φαίνεται πολὺ, σὲ βεβαιῶ... Ἀνάμεσά μας δὲν ὑπάρχει τίποτα πιὰ νὰ πούμε. Ἡ Ἐλένη κοίταξε τὸν ἄνδρα της μὲ βλέμμα γεμάτο ἀπορία. — Δὲν καταλαβαίνω τί θέλεις νὰ πεῖς. — Θέλω νὰ πῶ ὅτι ὁ δεύτερος γάμος μου ἦταν ἕνα λάθος. Ἕνα λάθος ποὺ δὲν διορθώνεται.

— Γιατί δὲν ἀπαντᾶς σὲ μένα; ρώτησε ἐκεῖνος μὲ φωνὴ ποὺ ἔτρεμε. — Δὲν ξέρω τί νὰ σοῦ πῶ, ψιθύρισε ἡ κοπέλα. Τὸ δωμάτιο ἦταν σκοτεινὸ καὶ ἡ βροχὴ χτυποῦσε τὰ τζάμια. Ὁ Μάριος σηκώθηκε καὶ πλησίασε τὸ παράθυρο, ἀναλογιζόμενος τὰ λόγια της. — Εἶναι ἀλήθεια λοιπόν; Θὰ φύγεις; — Πρέπει νὰ φύγω, Μάριε. Δὲν ὑπάρχει ἄλλος δρόμος γιὰ μᾶς.

— Τὸ γνωρίζεις καὶ σὺ πολὺ καλά. — Νὰ, ἀπάντησε ἐκεῖνος. Ἡ μητέρα σου δὲν θὰ δεχθῇ ποτὲ αὐτὸν τὸν γάμο. Ἡ Κλαούδια ἔσκυψε τὸ κεφάλι χωρὶς νὰ ἀπαντήσῃ. Τὰ μάτια της εἶχαν γεμίσει δάκρυα. — Κι ἐγὼ τί θὰ κάνω χωρὶς ἐσένα; — Θὰ ζήσεις, Μάριε, ὅπως ζοῦν ὅλοι. Ὁ χρόνος θὰ σοῦ φέρει τὴ λησμονιά.

— Ναί, σοῦ φαίνεται πολὺ, σὲ βεβαιῶ... Ἀνάμεσά μας δὲν ὑπάρχει τίποτα πιὰ νὰ πούμε. Ἡ Ἐλένη κοίταξε τὸν ἄνδρα της μὲ βλέμμα γεμάτο ἀπορία. — Δὲν καταλαβαίνω τί θέλεις νὰ πεῖς. — Θέλω νὰ πῶ ὅτι ὁ δεύτερος γάμος μου ἦταν ἕνα λάθος. Ἕνα λάθος ποὺ δὲν διορθώνεται.

— Γιατί δὲν ἀπαντᾶς σὲ μένα; ρώτησε ἐκεῖνος μὲ φωνὴ ποὺ ἔτρεμε. — Δὲν ξέρω τί νὰ σοῦ πῶ, ψιθύρισε ἡ κοπέλα. Τὸ δωμάτιο ἦταν σκοτεινὸ καὶ ἡ βροχὴ χτυποῦσε τὰ τζάμια. Ὁ Μάριος σηκώθηκε καὶ πλησίασε τὸ παράθυρο, ἀναλογιζόμενος τὰ λόγια της. — Εἶναι ἀλήθεια λοιπόν; Θὰ φύγεις; — Πρέπει νὰ φύγω, Μάριε. Δὲν ὑπάρχει ἄλλος δρόμος γιὰ μᾶς.

— Τὸ γνωρίζεις καὶ σὺ πολὺ καλά. — Νὰ, ἀπάντησε ἐκεῖνος. Ἡ μητέρα σου δὲν θὰ δεχθῇ ποτὲ αὐτὸν τὸν γάμο. Ἡ Κλαούδια ἔσκυψε τὸ κεφάλι χωρὶς νὰ ἀπαντήσῃ. Τὰ μάτια της εἶχαν γεμίσει δάκρυα. — Κι ἐγὼ τί θὰ κάνω χωρὶς ἐσένα; — Θὰ ζήσεις, Μάριε, ὅπως ζοῦν ὅλοι. Ὁ χρόνος θὰ σοῦ φέρει τὴ λησμονιά.

— Ναί, σοῦ φαίνεται πολὺ, σὲ βεβαιῶ... Ἀνάμεσά μας δὲν ὑπάρχει τίποτα πιὰ νὰ πούμε. Ἡ Ἐλένη κοίταξε τὸν ἄνδρα της μὲ βλέμμα γεμάτο ἀπορία. — Δὲν καταλαβαίνω τί θέλεις νὰ πεῖς. — Θέλω νὰ πῶ ὅτι ὁ δεύτερος γάμος μου ἦταν ἕνα λάθος. Ἕνα λάθος ποὺ δὲν διορθώνεται.

— Γιατί δὲν ἀπαντᾶς σὲ μένα; ρώτησε ἐκεῖνος μὲ φωνὴ ποὺ ἔτρεμε. — Δὲν ξέρω τί νὰ σοῦ πῶ, ψιθύρισε ἡ κοπέλα. Τὸ δωμάτιο ἦταν σκοτεινὸ καὶ ἡ βροχὴ χτυποῦσε τὰ τζάμια. Ὁ Μάριος σηκώθηκε καὶ πλησίασε τὸ παράθυρο, ἀναλογιζόμενος τὰ λόγια της. — Εἶναι ἀλήθεια λοιπόν; Θὰ φύγεις; — Πρέπει νὰ φύγω, Μάριε. Δὲν ὑπάρχει ἄλλος δρόμος γιὰ μᾶς.

— Τὸ γνωρίζεις καὶ σὺ πολὺ καλά. — Νὰ, ἀπάντησε ἐκεῖνος. Ἡ μητέρα σου δὲν θὰ δεχθῇ ποτὲ αὐτὸν τὸν γάμο. Ἡ Κλαούδια ἔσκυψε τὸ κεφάλι χωρὶς νὰ ἀπαντήσῃ. Τὰ μάτια της εἶχαν γεμίσει δάκρυα. — Κι ἐγὼ τί θὰ κάνω χωρὶς ἐσένα; — Θὰ ζήσεις, Μάριε, ὅπως ζοῦν ὅλοι. Ὁ χρόνος θὰ σοῦ φέρει τὴ λησμονιά.

— Ναί, σοῦ φαίνεται πολὺ, σὲ βεβαιῶ... Ἀνάμεσά μας δὲν ὑπάρχει τίποτα πιὰ νὰ πούμε. Ἡ Ἐλένη κοίταξε τὸν ἄνδρα της μὲ βλέμμα γεμάτο ἀπορία. — Δὲν καταλαβαίνω τί θέλεις νὰ πεῖς. — Θέλω νὰ πῶ ὅτι ὁ δεύτερος γάμος μου ἦταν ἕνα λάθος. Ἕνα λάθος ποὺ δὲν διορθώνεται.

— Γιατί δὲν ἀπαντᾶς σὲ μένα; ρώτησε ἐκεῖνος μὲ φωνὴ ποὺ ἔτρεμε. — Δὲν ξέρω τί νὰ σοῦ πῶ, ψιθύρισε ἡ κοπέλα. Τὸ δωμάτιο ἦταν σκοτεινὸ καὶ ἡ βροχὴ χτυποῦσε τὰ τζάμια. Ὁ Μάριος σηκώθηκε καὶ πλησίασε τὸ παράθυρο, ἀναλογιζόμενος τὰ λόγια της. — Εἶναι ἀλήθεια λοιπόν; Θὰ φύγεις; — Πρέπει νὰ φύγω, Μάριε. Δὲν ὑπάρχει ἄλλος δρόμος γιὰ μᾶς.

— Τὸ γνωρίζεις καὶ σὺ πολὺ καλά. — Νὰ, ἀπάντησε ἐκεῖνος. Ἡ μητέρα σου δὲν θὰ δεχθῇ ποτὲ αὐτὸν τὸν γάμο. Ἡ Κλαούδια ἔσκυψε τὸ κεφάλι χωρὶς νὰ ἀπαντήσῃ. Τὰ μάτια της εἶχαν γεμίσει δάκρυα. — Κι ἐγὼ τί θὰ κάνω χωρὶς ἐσένα; — Θὰ ζήσεις, Μάριε, ὅπως ζοῦν ὅλοι. Ὁ χρόνος θὰ σοῦ φέρει τὴ λησμονιά.

— Ναί, σοῦ φαίνεται πολὺ, σὲ βεβαιῶ... Ἀνάμεσά μας δὲν ὑπάρχει τίποτα πιὰ νὰ πούμε. Ἡ Ἐλένη κοίταξε τὸν ἄνδρα της μὲ βλέμμα γεμάτο ἀπορία. — Δὲν καταλαβαίνω τί θέλεις νὰ πεῖς. — Θέλω νὰ πῶ ὅτι ὁ δεύτερος γάμος μου ἦταν ἕνα λάθος. Ἕνα λάθος ποὺ δὲν διορθώνεται.

— Γιατί δὲν ἀπαντᾶς σὲ μένα; ρώτησε ἐκεῖνος μὲ φωνὴ ποὺ ἔτρεμε. — Δὲν ξέρω τί νὰ σοῦ πῶ, ψιθύρισε ἡ κοπέλα. Τὸ δωμάτιο ἦταν σκοτεινὸ καὶ ἡ βροχὴ χτυποῦσε τὰ τζάμια. Ὁ Μάριος σηκώθηκε καὶ πλησίασε τὸ παράθυρο, ἀναλογιζόμενος τὰ λόγια της. — Εἶναι ἀλήθεια λοιπόν; Θὰ φύγεις; — Πρέπει νὰ φύγω, Μάριε. Δὲν ὑπάρχει ἄλλος δρόμος γιὰ μᾶς.

— Τὸ γνωρίζεις καὶ σὺ πολὺ καλά. — Νὰ, ἀπάντησε ἐκεῖνος. Ἡ μητέρα σου δὲν θὰ δεχθῇ ποτὲ αὐτὸν τὸν γάμο. Ἡ Κλαούδια ἔσκυψε τὸ κεφάλι χωρὶς νὰ ἀπαντήσῃ. Τὰ μάτια της εἶχαν γεμίσει δάκρυα. — Κι ἐγὼ τί θὰ κάνω χωρὶς ἐσένα; — Θὰ ζήσεις, Μάριε, ὅπως ζοῦν ὅλοι. Ὁ χρόνος θὰ σοῦ φέρει τὴ λησμονιά.

— Ναί, σοῦ φαίνεται πολὺ, σὲ βεβαιῶ... Ἀνάμεσά μας δὲν ὑπάρχει τίποτα πιὰ νὰ πούμε. Ἡ Ἐλένη κοίταξε τὸν ἄνδρα της μὲ βλέμμα γεμάτο ἀπορία. — Δὲν καταλαβαίνω τί θέλεις νὰ πεῖς. — Θέλω νὰ πῶ ὅτι ὁ δεύτερος γάμος μου ἦταν ἕνα λάθος. Ἕνα λάθος ποὺ δὲν διορθώνεται.

— Γιατί δὲν ἀπαντᾶς σὲ μένα; ρώτησε ἐκεῖνος μὲ φωνὴ ποὺ ἔτρεμε. — Δὲν ξέρω τί νὰ σοῦ πῶ, ψιθύρισε ἡ κοπέλα. Τὸ δωμάτιο ἦταν σκοτεινὸ καὶ ἡ βροχὴ χτυποῦσε τὰ τζάμια. Ὁ Μάριος σηκώθηκε καὶ πλησίασε τὸ παράθυρο, ἀναλογιζόμενος τὰ λόγια της. — Εἶναι ἀλήθεια λοιπόν; Θὰ φύγεις; — Πρέπει νὰ φύγω, Μάριε. Δὲν ὑπάρχει ἄλλος δρόμος γιὰ μᾶς.

— Τὸ γνωρίζεις καὶ σὺ πολὺ καλά. — Νὰ, ἀπάντησε ἐκεῖνος. Ἡ μητέρα σου δὲν θὰ δεχθῇ ποτὲ αὐτὸν τὸν γάμο. Ἡ Κλαούδια ἔσκυψε τὸ κεφάλι χωρὶς νὰ ἀπαντήσῃ. Τὰ μάτια της εἶχαν γεμίσει δάκρυα. — Κι ἐγὼ τί θὰ κάνω χωρὶς ἐσένα; — Θὰ ζήσεις, Μάριε, ὅπως ζοῦν ὅλοι. Ὁ χρόνος θὰ σοῦ φέρει τὴ λησμονιά.

ΑΥΡΙΟΝ ΤΟ ΑΚΟΛΟΥΘΟΝ
